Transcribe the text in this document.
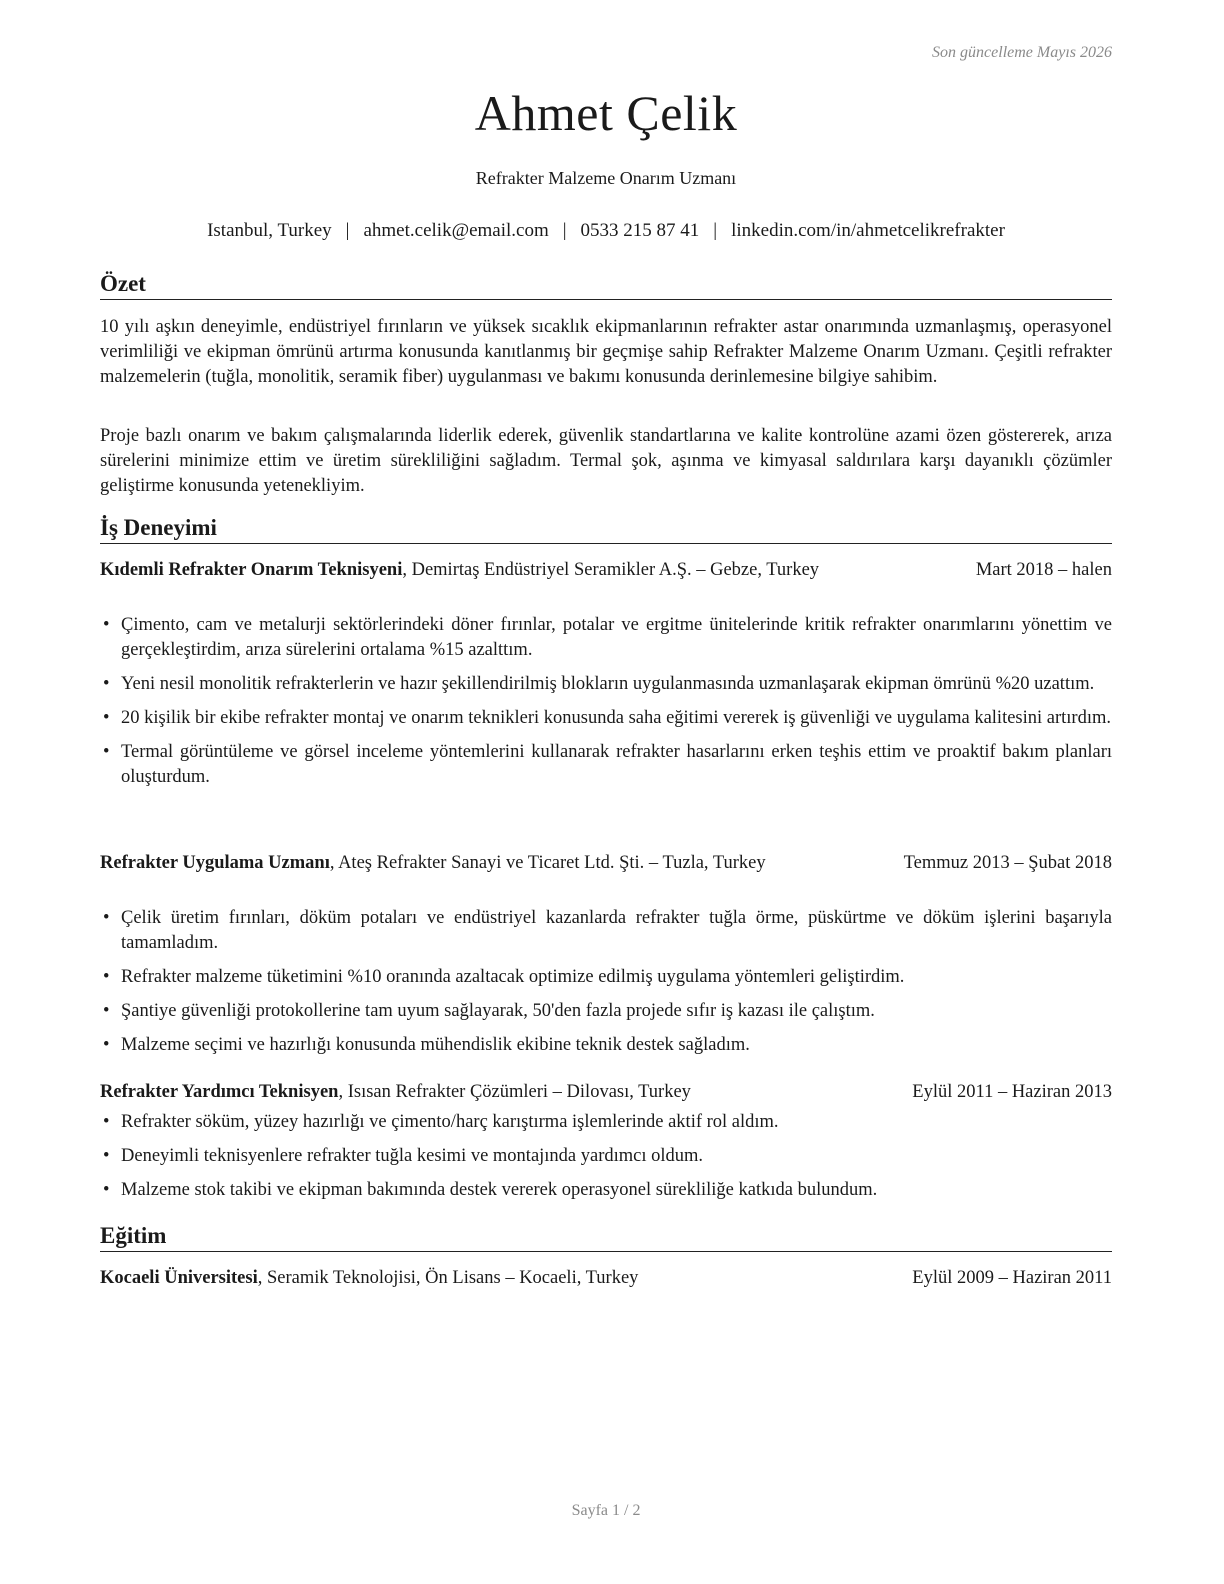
Son güncelleme Mayıs 2026
Ahmet Çelik
Refrakter Malzeme Onarım Uzmanı
Istanbul, Turkey | ahmet.celik@email.com | 0533 215 87 41 | linkedin.com/in/ahmetcelikrefrakter
Özet

10 yılı aşkın deneyimle, endüstriyel fırınların ve yüksek sıcaklık ekipmanlarının refrakter astar onarımında uzmanlaşmış, operasyonel verimliliği ve ekipman ömrünü artırma konusunda kanıtlanmış bir geçmişe sahip Refrakter Malzeme Onarım Uzmanı. Çeşitli refrakter malzemelerin (tuğla, monolitik, seramik fiber) uygulanması ve bakımı konusunda derinlemesine bilgiye sahibim.

Proje bazlı onarım ve bakım çalışmalarında liderlik ederek, güvenlik standartlarına ve kalite kontrolüne azami özen göstererek, arıza sürelerini minimize ettim ve üretim sürekliliğini sağladım. Termal şok, aşınma ve kimyasal saldırılara karşı dayanıklı çözümler geliştirme konusunda yetenekliyim.

İş Deneyimi
Kıdemli Refrakter Onarım Teknisyeni, Demirtaş Endüstriyel Seramikler A.Ş. – Gebze, Turkey	Mart 2018 – halen
• Çimento, cam ve metalurji sektörlerindeki döner fırınlar, potalar ve ergitme ünitelerinde kritik refrakter onarımlarını yönettim ve gerçekleştirdim, arıza sürelerini ortalama %15 azalttım.
• Yeni nesil monolitik refrakterlerin ve hazır şekillendirilmiş blokların uygulanmasında uzmanlaşarak ekipman ömrünü %20 uzattım.
• 20 kişilik bir ekibe refrakter montaj ve onarım teknikleri konusunda saha eğitimi vererek iş güvenliği ve uygulama kalitesini artırdım.
• Termal görüntüleme ve görsel inceleme yöntemlerini kullanarak refrakter hasarlarını erken teşhis ettim ve proaktif bakım planları oluşturdum.
Refrakter Uygulama Uzmanı, Ateş Refrakter Sanayi ve Ticaret Ltd. Şti. – Tuzla, Turkey	Temmuz 2013 – Şubat 2018
• Çelik üretim fırınları, döküm potaları ve endüstriyel kazanlarda refrakter tuğla örme, püskürtme ve döküm işlerini başarıyla tamamladım.
• Refrakter malzeme tüketimini %10 oranında azaltacak optimize edilmiş uygulama yöntemleri geliştirdim.
• Şantiye güvenliği protokollerine tam uyum sağlayarak, 50'den fazla projede sıfır iş kazası ile çalıştım.
• Malzeme seçimi ve hazırlığı konusunda mühendislik ekibine teknik destek sağladım.
Refrakter Yardımcı Teknisyen, Isısan Refrakter Çözümleri – Dilovası, Turkey	Eylül 2011 – Haziran 2013
• Refrakter söküm, yüzey hazırlığı ve çimento/harç karıştırma işlemlerinde aktif rol aldım.
• Deneyimli teknisyenlere refrakter tuğla kesimi ve montajında yardımcı oldum.
• Malzeme stok takibi ve ekipman bakımında destek vererek operasyonel sürekliliğe katkıda bulundum.
Eğitim
Kocaeli Üniversitesi, Seramik Teknolojisi, Ön Lisans – Kocaeli, Turkey	Eylül 2009 – Haziran 2011
Sayfa 1 / 2
